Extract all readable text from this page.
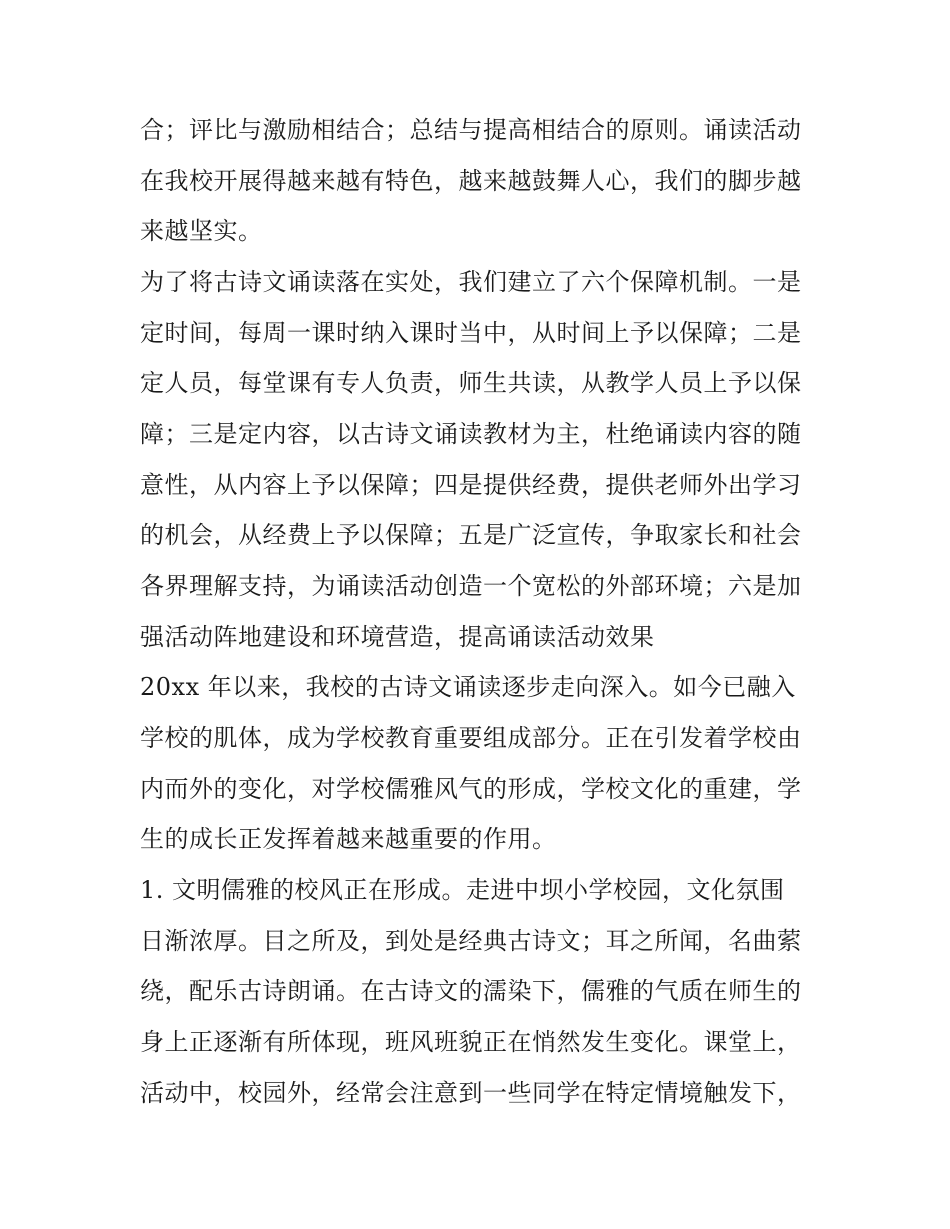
合；评比与激励相结合；总结与提高相结合的原则。诵读活动
在我校开展得越来越有特色，越来越鼓舞人心，我们的脚步越
来越坚实。
为了将古诗文诵读落在实处，我们建立了六个保障机制。一是
定时间，每周一课时纳入课时当中，从时间上予以保障；二是
定人员，每堂课有专人负责，师生共读，从教学人员上予以保
障；三是定内容，以古诗文诵读教材为主，杜绝诵读内容的随
意性，从内容上予以保障；四是提供经费，提供老师外出学习
的机会，从经费上予以保障；五是广泛宣传，争取家长和社会
各界理解支持，为诵读活动创造一个宽松的外部环境；六是加
强活动阵地建设和环境营造，提高诵读活动效果
20xx 年以来，我校的古诗文诵读逐步走向深入。如今已融入
学校的肌体，成为学校教育重要组成部分。正在引发着学校由
内而外的变化，对学校儒雅风气的形成，学校文化的重建，学
生的成长正发挥着越来越重要的作用。
1. 文明儒雅的校风正在形成。走进中坝小学校园，文化氛围
日渐浓厚。目之所及，到处是经典古诗文；耳之所闻，名曲萦
绕，配乐古诗朗诵。在古诗文的濡染下，儒雅的气质在师生的
身上正逐渐有所体现，班风班貌正在悄然发生变化。课堂上，
活动中，校园外，经常会注意到一些同学在特定情境触发下，
